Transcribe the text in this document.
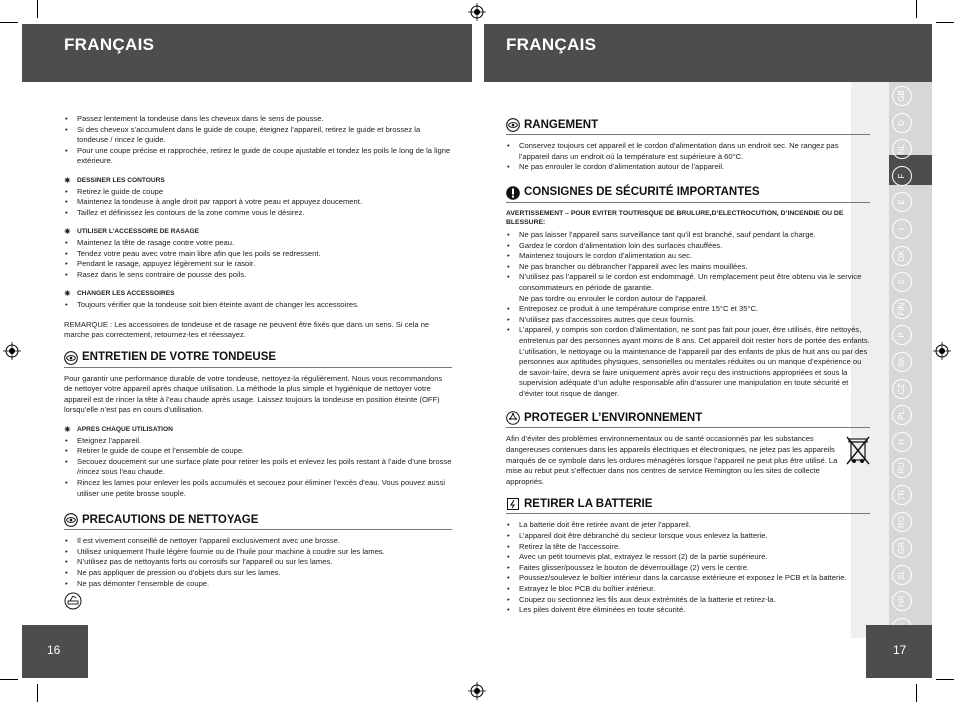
FRANÇAIS	FRANÇAIS
GB
D
NL
F
E
I
DK
S
FIN
P
SK
CZ
PL
H
RU
TR
RO
GR
SL
HR
16	17
• Passez lentement la tondeuse dans les cheveux dans le sens de pousse.
• Si des cheveux s’accumulent dans le guide de coupe, éteignez l’appareil, retirez le guide et brossez la tondeuse / rincez le guide.
• Pour une coupe précise et rapprochée, retirez le guide de coupe ajustable et tondez les poils le long de la ligne extérieure.
✷ DESSINER LES CONTOURS
• Retirez le guide de coupe
• Maintenez la tondeuse à angle droit par rapport à votre peau et appuyez doucement.
• Taillez et définissez les contours de la zone comme vous le désirez.
✷ UTILISER L’ACCESSOIRE DE RASAGE
• Maintenez la tête de rasage contre votre peau.
• Tendez votre peau avec votre main libre afin que les poils se redressent.
• Pendant le rasage, appuyez légèrement sur le rasoir.
• Rasez dans le sens contraire de pousse des poils.
✷ CHANGER LES ACCESSOIRES
• Toujours vérifier que la tondeuse soit bien éteinte avant de changer les accessoires.

REMARQUE : Les accessoires de tondeuse et de rasage ne peuvent être fixés que dans un sens. Si cela ne marche pas correctement, retournez-les et réessayez.

ENTRETIEN DE VOTRE TONDEUSE

Pour garantir une performance durable de votre tondeuse, nettoyez-la régulièrement. Nous vous recommandons de nettoyer votre appareil après chaque utilisation. La méthode la plus simple et hygiénique de nettoyer votre appareil est de rincer la tête à l’eau chaude après usage. Laissez toujours la tondeuse en position éteinte (OFF) lorsqu’elle n’est pas en cours d’utilisation.

✷ APRES CHAQUE UTILISATION
• Eteignez l’appareil.
• Retirer le guide de coupe et l’ensemble de coupe.
• Secouez doucement sur une surface plate pour retirer les poils et enlevez les poils restant à l’aide d’une brosse /rincez sous l’eau chaude.
• Rincez les lames pour enlever les poils accumulés et secouez pour éliminer l’excès d’eau. Vous pouvez aussi utiliser une petite brosse souple.
PRECAUTIONS DE NETTOYAGE
• Il est vivement conseillé de nettoyer l’appareil exclusivement avec une brosse.
• Utilisez uniquement l’huile légère fournie ou de l’huile pour machine à coudre sur les lames.
• N’utilisez pas de nettoyants forts ou corrosifs sur l’appareil ou sur les lames.
• Ne pas appliquer de pression ou d’objets durs sur les lames.
• Ne pas démonter l’ensemble de coupe.
RANGEMENT
• Conservez toujours cet appareil et le cordon d’alimentation dans un endroit sec. Ne rangez pas l’appareil dans un endroit où la température est supérieure à 60°C.
• Ne pas enrouler le cordon d’alimentation autour de l’appareil.
CONSIGNES DE SÉCURITÉ IMPORTANTES
AVERTISSEMENT – POUR EVITER TOUTRISQUE DE BRULURE,D’ELECTROCUTION, D’INCENDIE OU DE BLESSURE:
• Ne pas laisser l’appareil sans surveillance tant qu’il est branché, sauf pendant la charge.
• Gardez le cordon d’alimentation loin des surfaces chauffées.
• Maintenez toujours le cordon d’alimentation au sec.
• Ne pas brancher ou débrancher l’appareil avec les mains mouillées.
• N’utilisez pas l’appareil si le cordon est endommagé. Un remplacement peut être obtenu via le service consommateurs en période de garantie.
Ne pas tordre ou enrouler le cordon autour de l’appareil.
• Entreposez ce produit à une température comprise entre 15°C et 35°C.
• N’utilisez pas d’accessoires autres que ceux fournis.
• L’appareil, y compris son cordon d’alimentation, ne sont pas fait pour jouer, être utilisés, être nettoyés, entretenus par des personnes ayant moins de 8 ans. Cet appareil doit rester hors de portée des enfants.
L’utilisation, le nettoyage ou la maintenance de l’appareil par des enfants de plus de huit ans ou par des personnes aux aptitudes physiques, sensorielles ou mentales réduites ou un manque d’expérience ou de savoir-faire, devra se faire uniquement après avoir reçu des instructions appropriées et sous la supervision adéquate d’un adulte responsable afin d’assurer une manipulation en toute sécurité et d’éviter tout risque de danger.
PROTEGER L’ENVIRONNEMENT

Afin d’éviter des problèmes environnementaux ou de santé occasionnés par les substances dangereuses contenues dans les appareils électriques et électroniques, ne jetez pas les appareils marqués de ce symbole dans les ordures ménagères lorsque l’appareil ne peut plus être utilisé. La mise au rebut peut s’effectuer dans nos centres de service Remington ou les sites de collecte appropriés.

RETIRER LA BATTERIE
• La batterie doit être retirée avant de jeter l’appareil.
• L’appareil doit être débranché du secteur lorsque vous enlevez la batterie.
• Retirez la tête de l’accessoire.
• Avec un petit tournevis plat, extrayez le ressort (2) de la partie supérieure.
• Faites glisser/poussez le bouton de déverrouillage (2) vers le centre.
• Poussez/soulevez le boîtier intérieur dans la carcasse extérieure et exposez le PCB et la batterie.
• Extrayez le bloc PCB du boîtier intérieur.
• Coupez ou sectionnez les fils aux deux extrémités de la batterie et retirez-la.
• Les piles doivent être éliminées en toute sécurité.
